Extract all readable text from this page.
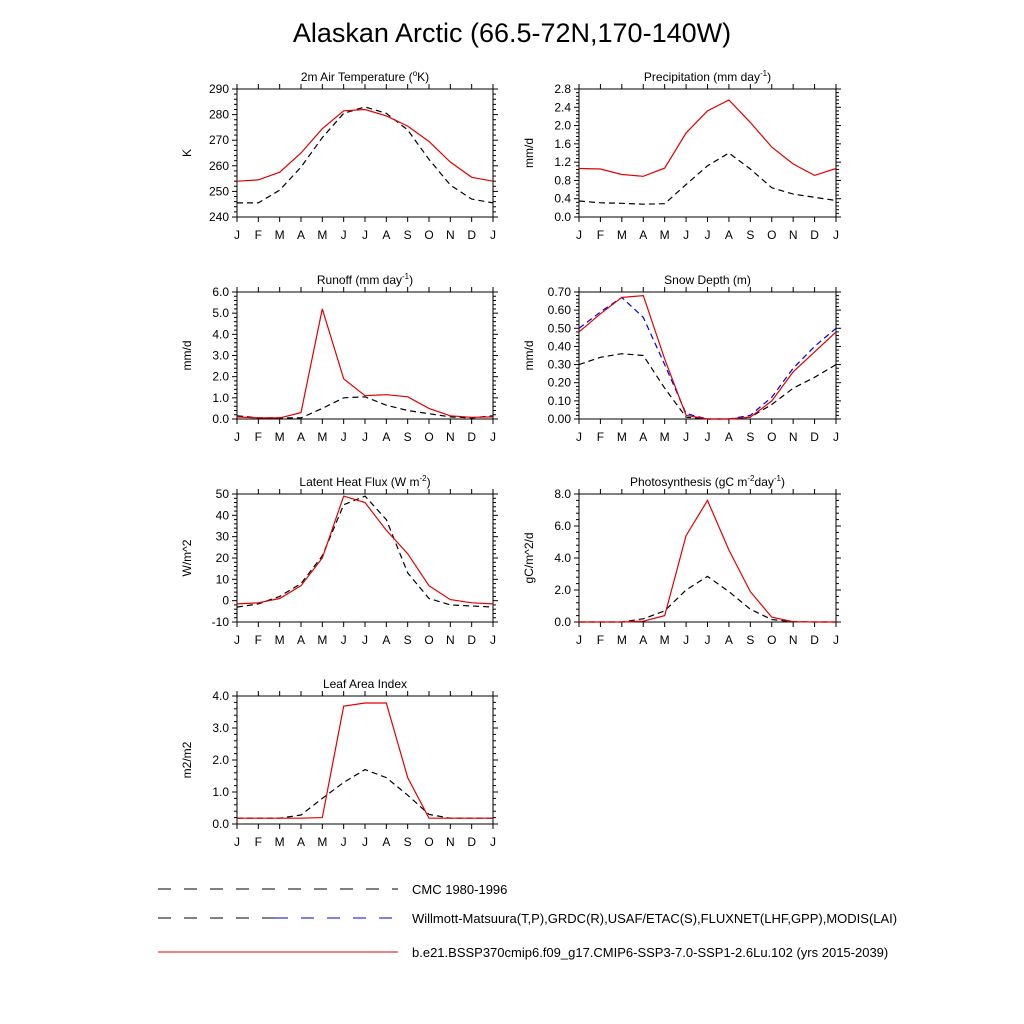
Alaskan Arctic (66.5-72N,170-140W)
2m Air Temperature ($^o$K)
240
250
260
270
280
290
J F M A M J J A S O N D J
K
Precipitation (mm day$^{-1}$)
0.0
0.4
0.8
1.2
1.6
2.0
2.4
2.8
J F M A M J J A S O N D J
mm/d
Runoff (mm day$^{-1}$)
0.0
1.0
2.0
3.0
4.0
5.0
6.0
J F M A M J J A S O N D J
mm/d
Snow Depth (m)
0.00
0.10
0.20
0.30
0.40
0.50
0.60
0.70
J F M A M J J A S O N D J
mm/d
Latent Heat Flux (W $m^{-2}$)
-10
0
10
20
30
40
50
J F M A M J J A S O N D J
W/m^2
Photosynthesis (gC $m^{-2}day^{-1}$)
0.0
2.0
4.0
6.0
8.0
J F M A M J J A S O N D J
gC/m^2/d
Leaf Area Index
0.0
1.0
2.0
3.0
4.0
J F M A M J J A S O N D J
m2/m2
CMC 1980-1996
Willmott-Matsuura(T,P),GRDC(R),USAF/ETAC(S),FLUXNET(LHF,GPP),MODIS(LAI)
b.e21.BSSP370cmip6.f09_g17.CMIP6-SSP3-7.0-SSP1-2.6Lu.102 (yrs 2015-2039)
